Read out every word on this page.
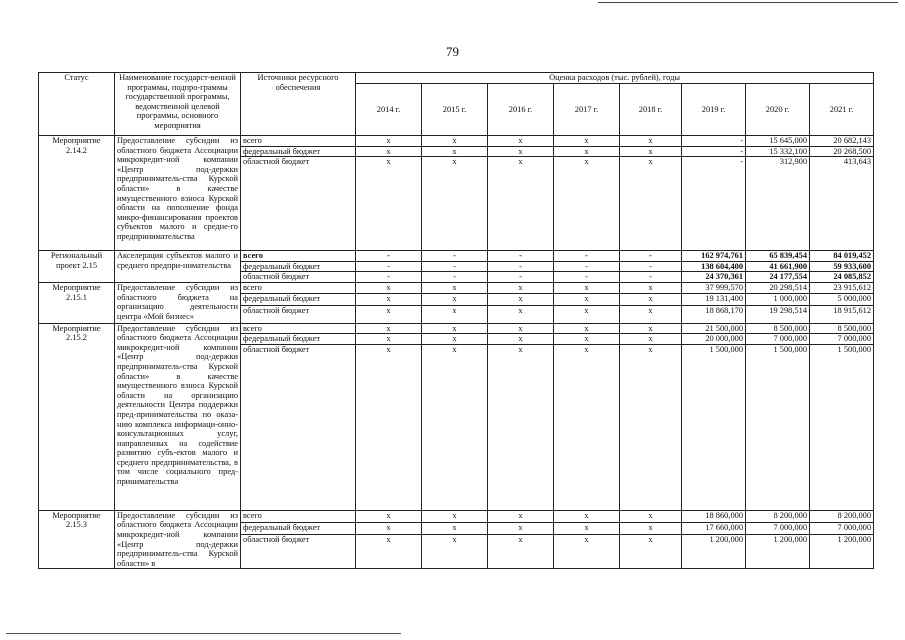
79
Статус	Наименование государст-венной программы, подпро-граммы государственной программы, ведомственной целевой программы, основного мероприятия	Источники ресурсного обеспечения	Оценка расходов (тыс. рублей), годы							
			2014 г.	2015 г.	2016 г.	2017 г.	2018 г.	2019 г.	2020 г.	2021 г.
Мероприятие 2.14.2	Предоставление субсидии из областного бюджета Ассоциации микрокредит-ной компании «Центр под-держки предприниматель-ства Курской области» в качестве имущественного взноса Курской области на пополнение фонда микро-финансирования проектов субъектов малого и средне-го предпринимательства	всего	x	x	x	x	x	-	15 645,000	20 682,143
		федеральный бюджет	x	x	x	x	x	-	15 332,100	20 268,500
		областной бюджет	x	x	x	x	x	-	312,900	413,643
Региональный проект 2.15	Акселерация субъектов малого и среднего предпри-нимательства	всего	-	-	-	-	-	162 974,761	65 839,454	84 019,452
		федеральный бюджет	-	-	-	-	-	138 604,400	41 661,900	59 933,600
		областной бюджет	-	-	-	-	-	24 370,361	24 177,554	24 085,852
Мероприятие 2.15.1	Предоставление субсидии из областного бюджета на организацию деятельности центра «Мой бизнес»	всего	x	x	x	x	x	37 999,570	20 298,514	23 915,612
		федеральный бюджет	x	x	x	x	x	19 131,400	1 000,000	5 000,000
		областной бюджет	x	x	x	x	x	18 868,170	19 298,514	18 915,612
Мероприятие 2.15.2	Предоставление субсидии из областного бюджета Ассоциации микрокредит-ной компании «Центр под-держки предприниматель-ства Курской области» в качестве имущественного взноса Курской области на организацию деятельности Центра поддержки пред-принимательства по оказа-нию комплекса информаци-онно-консультационных услуг, направленных на содействие развитию субъ-ектов малого и среднего предпринимательства, в том числе социального пред-принимательства	всего	x	x	x	x	x	21 500,000	8 500,000	8 500,000
		федеральный бюджет	x	x	x	x	x	20 000,000	7 000,000	7 000,000
		областной бюджет	x	x	x	x	x	1 500,000	1 500,000	1 500,000
Мероприятие 2.15.3	Предоставление субсидии из областного бюджета Ассоциации микрокредит-ной компании «Центр под-держки предприниматель-ства Курской области» в	всего	x	x	x	x	x	18 860,000	8 200,000	8 200,000
		федеральный бюджет	x	x	x	x	x	17 660,000	7 000,000	7 000,000
		областной бюджет	x	x	x	x	x	1 200,000	1 200,000	1 200,000
